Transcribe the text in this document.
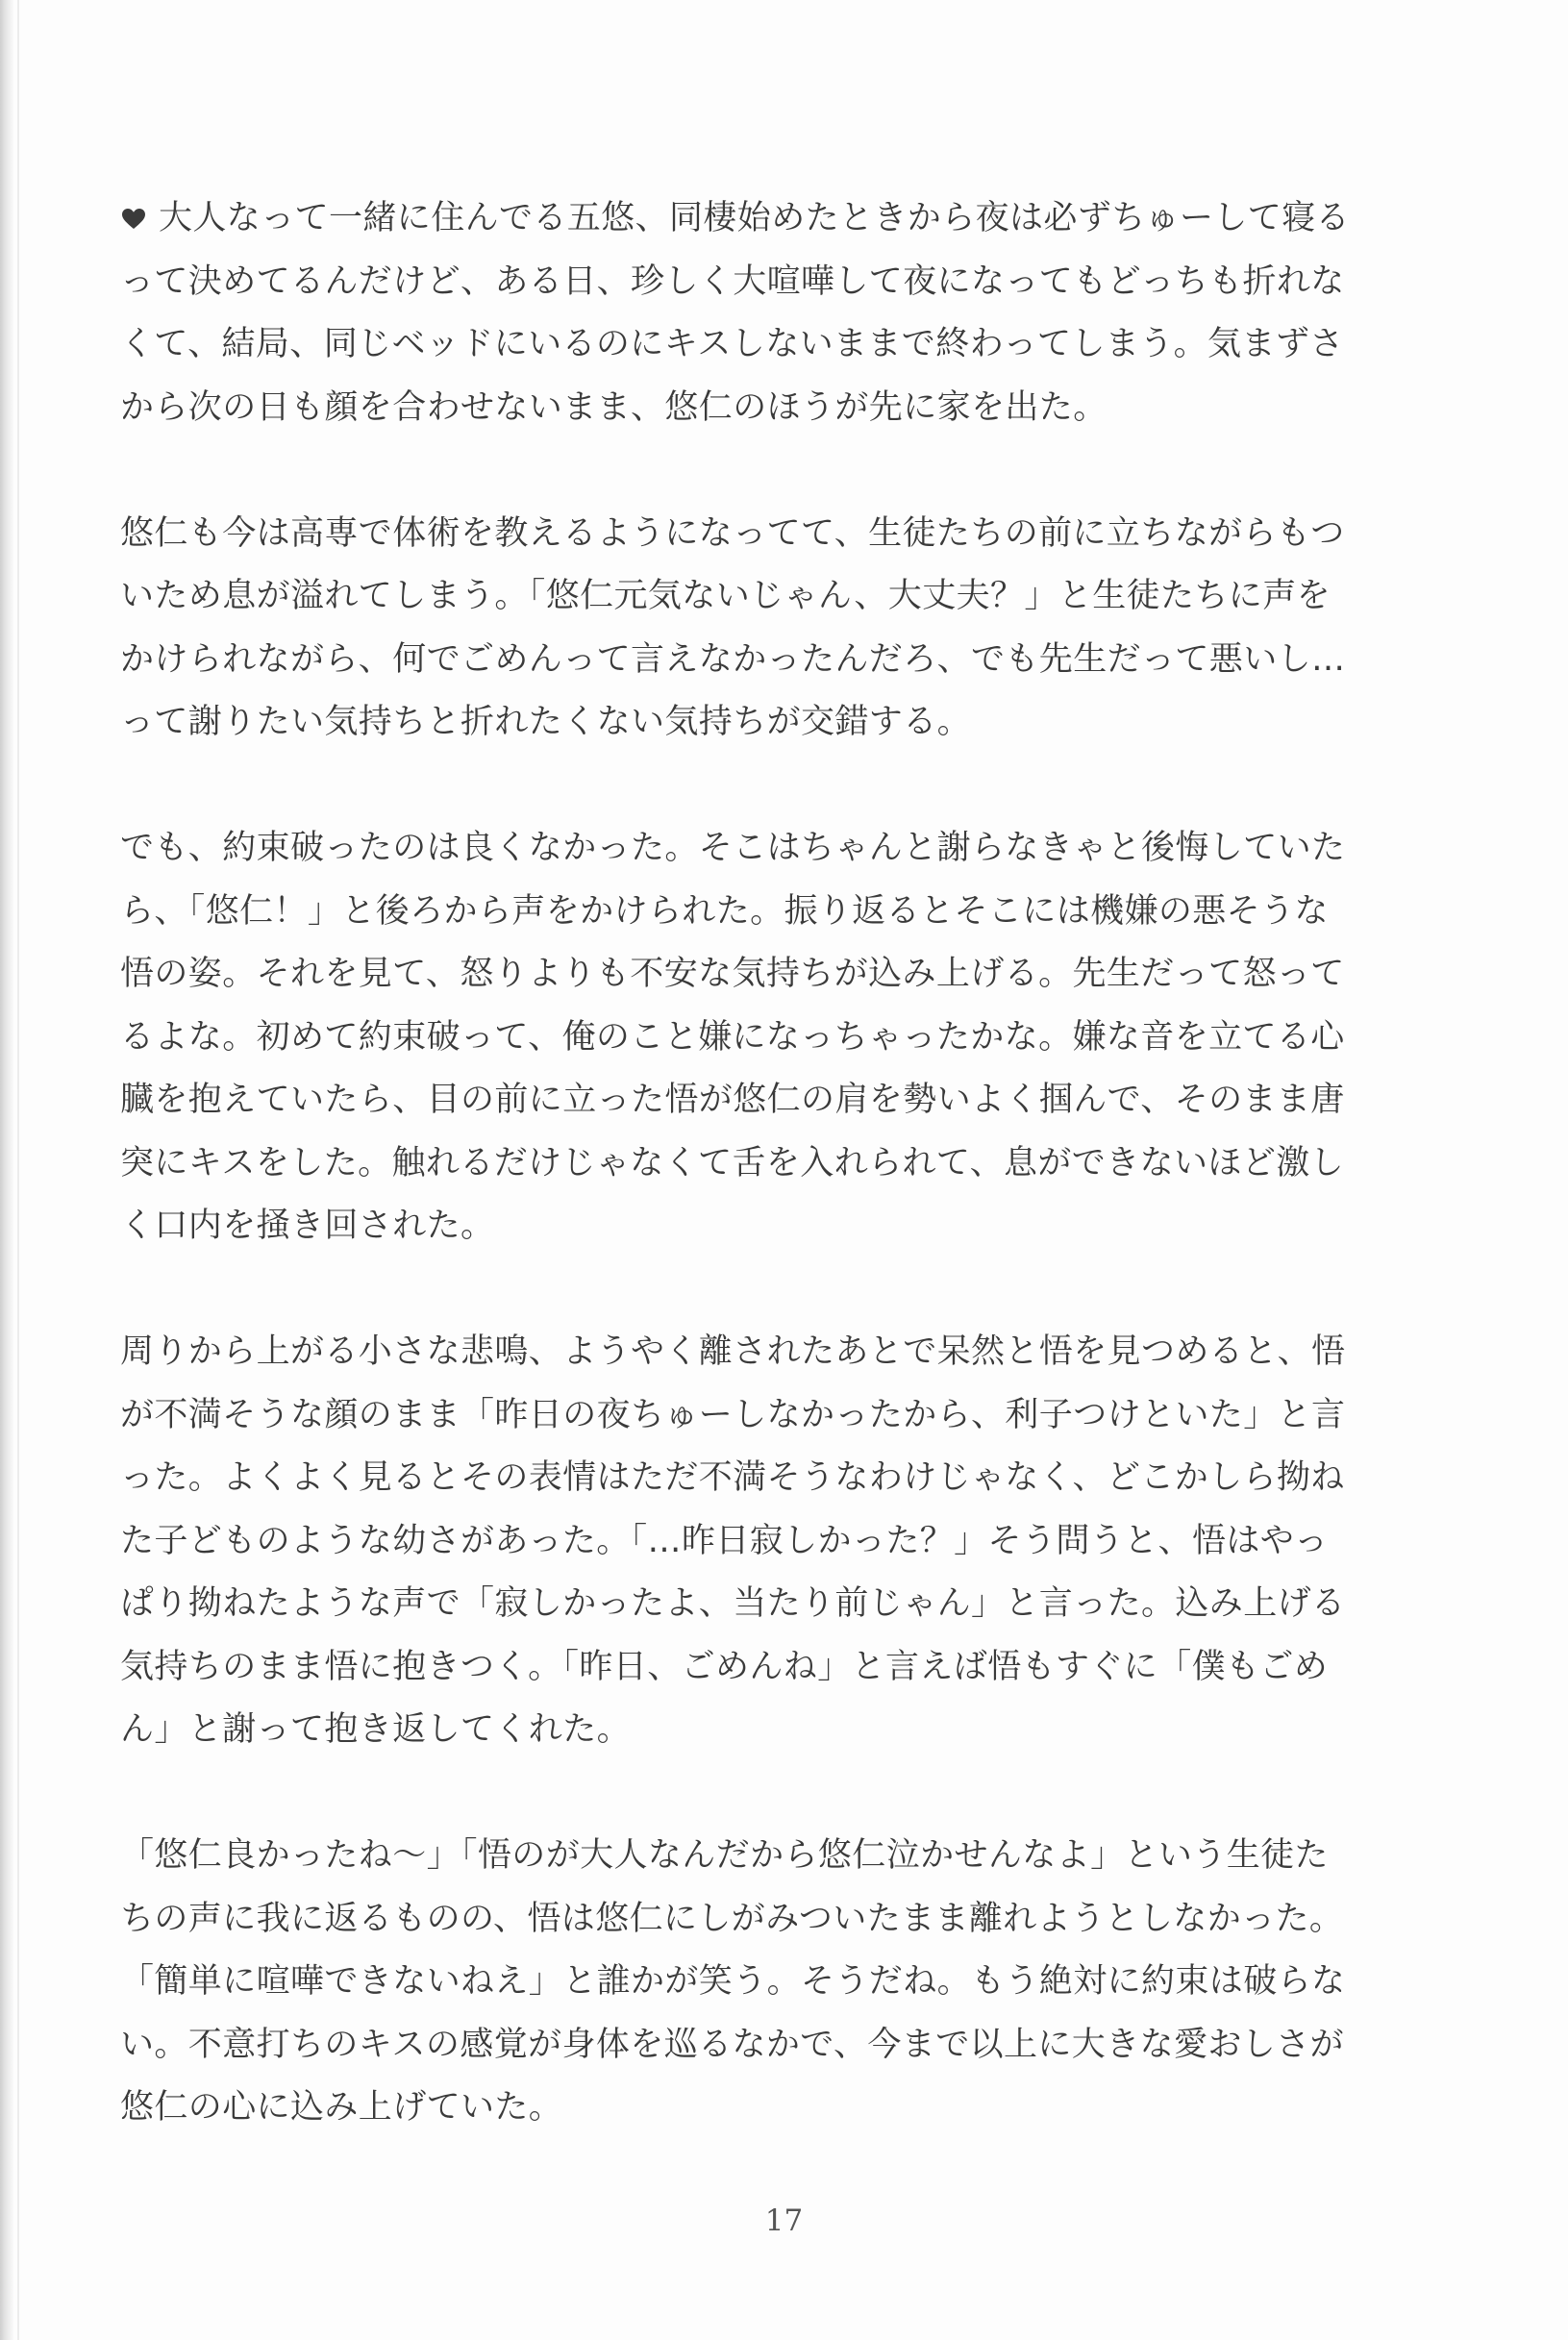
大人なって一緒に住んでる五悠、同棲始めたときから夜は必ずちゅーして寝る
って決めてるんだけど、ある日、珍しく大喧嘩して夜になってもどっちも折れな
くて、結局、同じベッドにいるのにキスしないままで終わってしまう。気まずさ
から次の日も顔を合わせないまま、悠仁のほうが先に家を出た。
悠仁も今は高専で体術を教えるようになってて、生徒たちの前に立ちながらもつ
いため息が溢れてしまう。「悠仁元気ないじゃん、大丈夫？」と生徒たちに声を
かけられながら、何でごめんって言えなかったんだろ、でも先生だって悪いし…
って謝りたい気持ちと折れたくない気持ちが交錯する。
でも、約束破ったのは良くなかった。そこはちゃんと謝らなきゃと後悔していた
ら、「悠仁！」と後ろから声をかけられた。振り返るとそこには機嫌の悪そうな
悟の姿。それを見て、怒りよりも不安な気持ちが込み上げる。先生だって怒って
るよな。初めて約束破って、俺のこと嫌になっちゃったかな。嫌な音を立てる心
臓を抱えていたら、目の前に立った悟が悠仁の肩を勢いよく掴んで、そのまま唐
突にキスをした。触れるだけじゃなくて舌を入れられて、息ができないほど激し
く口内を掻き回された。
周りから上がる小さな悲鳴、ようやく離されたあとで呆然と悟を見つめると、悟
が不満そうな顔のまま「昨日の夜ちゅーしなかったから、利子つけといた」と言
った。よくよく見るとその表情はただ不満そうなわけじゃなく、どこかしら拗ね
た子どものような幼さがあった。「…昨日寂しかった？」そう問うと、悟はやっ
ぱり拗ねたような声で「寂しかったよ、当たり前じゃん」と言った。込み上げる
気持ちのまま悟に抱きつく。「昨日、ごめんね」と言えば悟もすぐに「僕もごめ
ん」と謝って抱き返してくれた。
「悠仁良かったね〜」「悟のが大人なんだから悠仁泣かせんなよ」という生徒た
ちの声に我に返るものの、悟は悠仁にしがみついたまま離れようとしなかった。
「簡単に喧嘩できないねえ」と誰かが笑う。そうだね。もう絶対に約束は破らな
い。不意打ちのキスの感覚が身体を巡るなかで、今まで以上に大きな愛おしさが
悠仁の心に込み上げていた。
17
